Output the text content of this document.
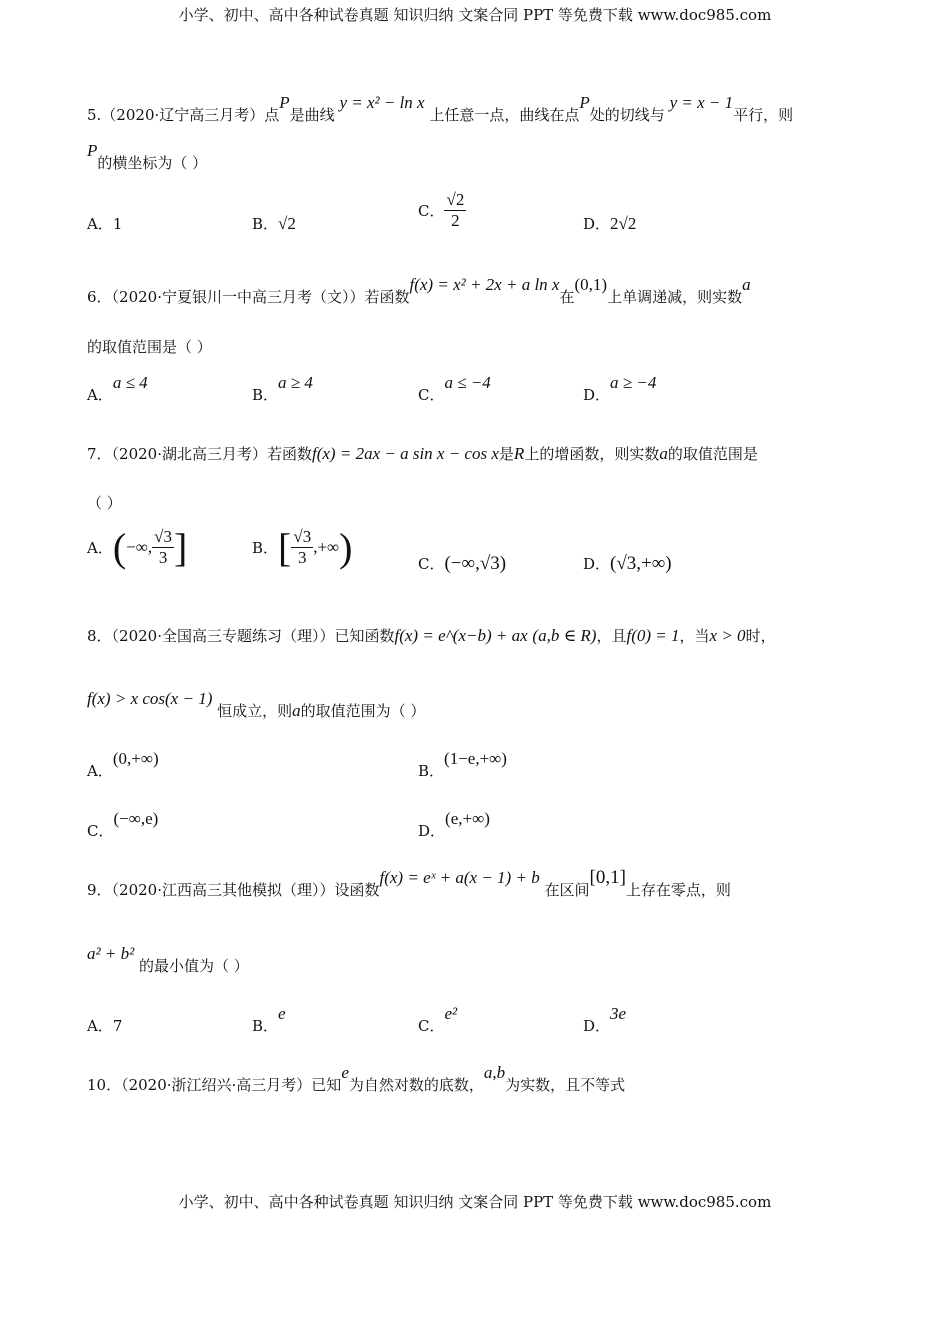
小学、初中、高中各种试卷真题 知识归纳 文案合同 PPT 等免费下载 www.doc985.com
5.（2020·辽宁高三月考）点P是曲线 y = x² − ln x 上任意一点，曲线在点P处的切线与 y = x − 1平行，则
P的横坐标为（ ）
A．1	B．√2
C． $\frac{√2}{2}$	D．2√2
6．（2020·宁夏银川一中高三月考（文））若函数f(x) = x² + 2x + a ln x在(0,1)上单调递减，则实数a
的取值范围是（ ）
A．a ≤ 4
B．a ≥ 4
C．a ≤ −4
D．a ≥ −4
7．（2020·湖北高三月考）若函数f(x) = 2ax − a sin x − cos x是R上的增函数，则实数a的取值范围是
（ ）
A．(−∞, $\frac{√3}{3}$ ]	B．[ $\frac{√3}{3}$ ,+∞)	C．(−∞,√3)	D．(√3,+∞)
8．（2020·全国高三专题练习（理））已知函数f(x) = e^(x−b) + ax (a,b ∈ R)，且f(0) = 1，当x > 0时，
f(x) > x cos(x − 1) 恒成立，则a的取值范围为（ ）
A．(0,+∞)
B．(1−e,+∞)
C．(−∞,e)
D．(e,+∞)
9．（2020·江西高三其他模拟（理））设函数f(x) = eˣ + a(x − 1) + b 在区间[0,1]上存在零点，则
a² + b² 的最小值为（ ）
A．7	B．e
C．e²
D．3e
10．（2020·浙江绍兴·高三月考）已知e为自然对数的底数，a,b为实数，且不等式
小学、初中、高中各种试卷真题 知识归纳 文案合同 PPT 等免费下载 www.doc985.com
